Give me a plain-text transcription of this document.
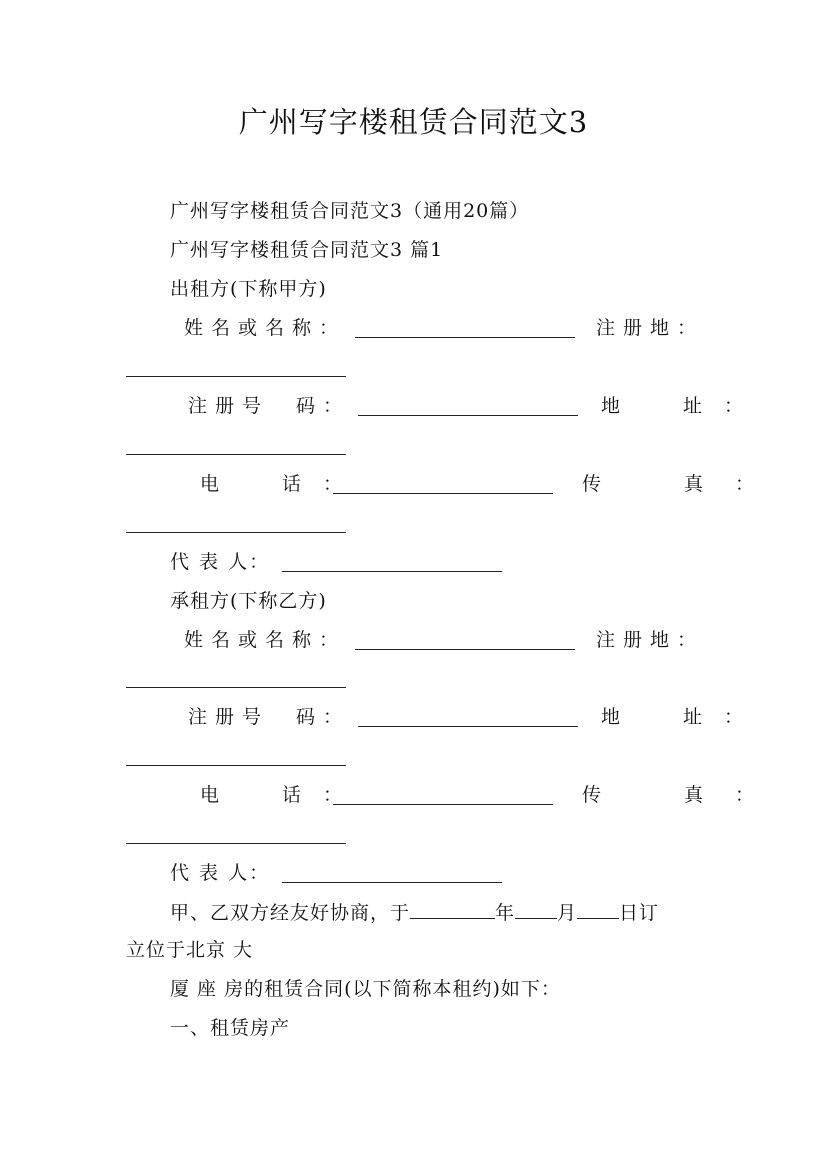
广州写字楼租赁合同范文3
广州写字楼租赁合同范文3（通用20篇）
广州写字楼租赁合同范文3 篇1
出租方(下称甲方)
姓名或名称：	注册地：
注册号　码：	地　址：
电　话：	传　真：
代 表 人：
承租方(下称乙方)
姓名或名称：	注册地：
注册号　码：	地　址：
电　话：	传　真：
代 表 人：
甲、乙双方经友好协商，于	年 月 日订
立位于北京 大
厦 座 房的租赁合同(以下简称本租约)如下：
一、租赁房产
